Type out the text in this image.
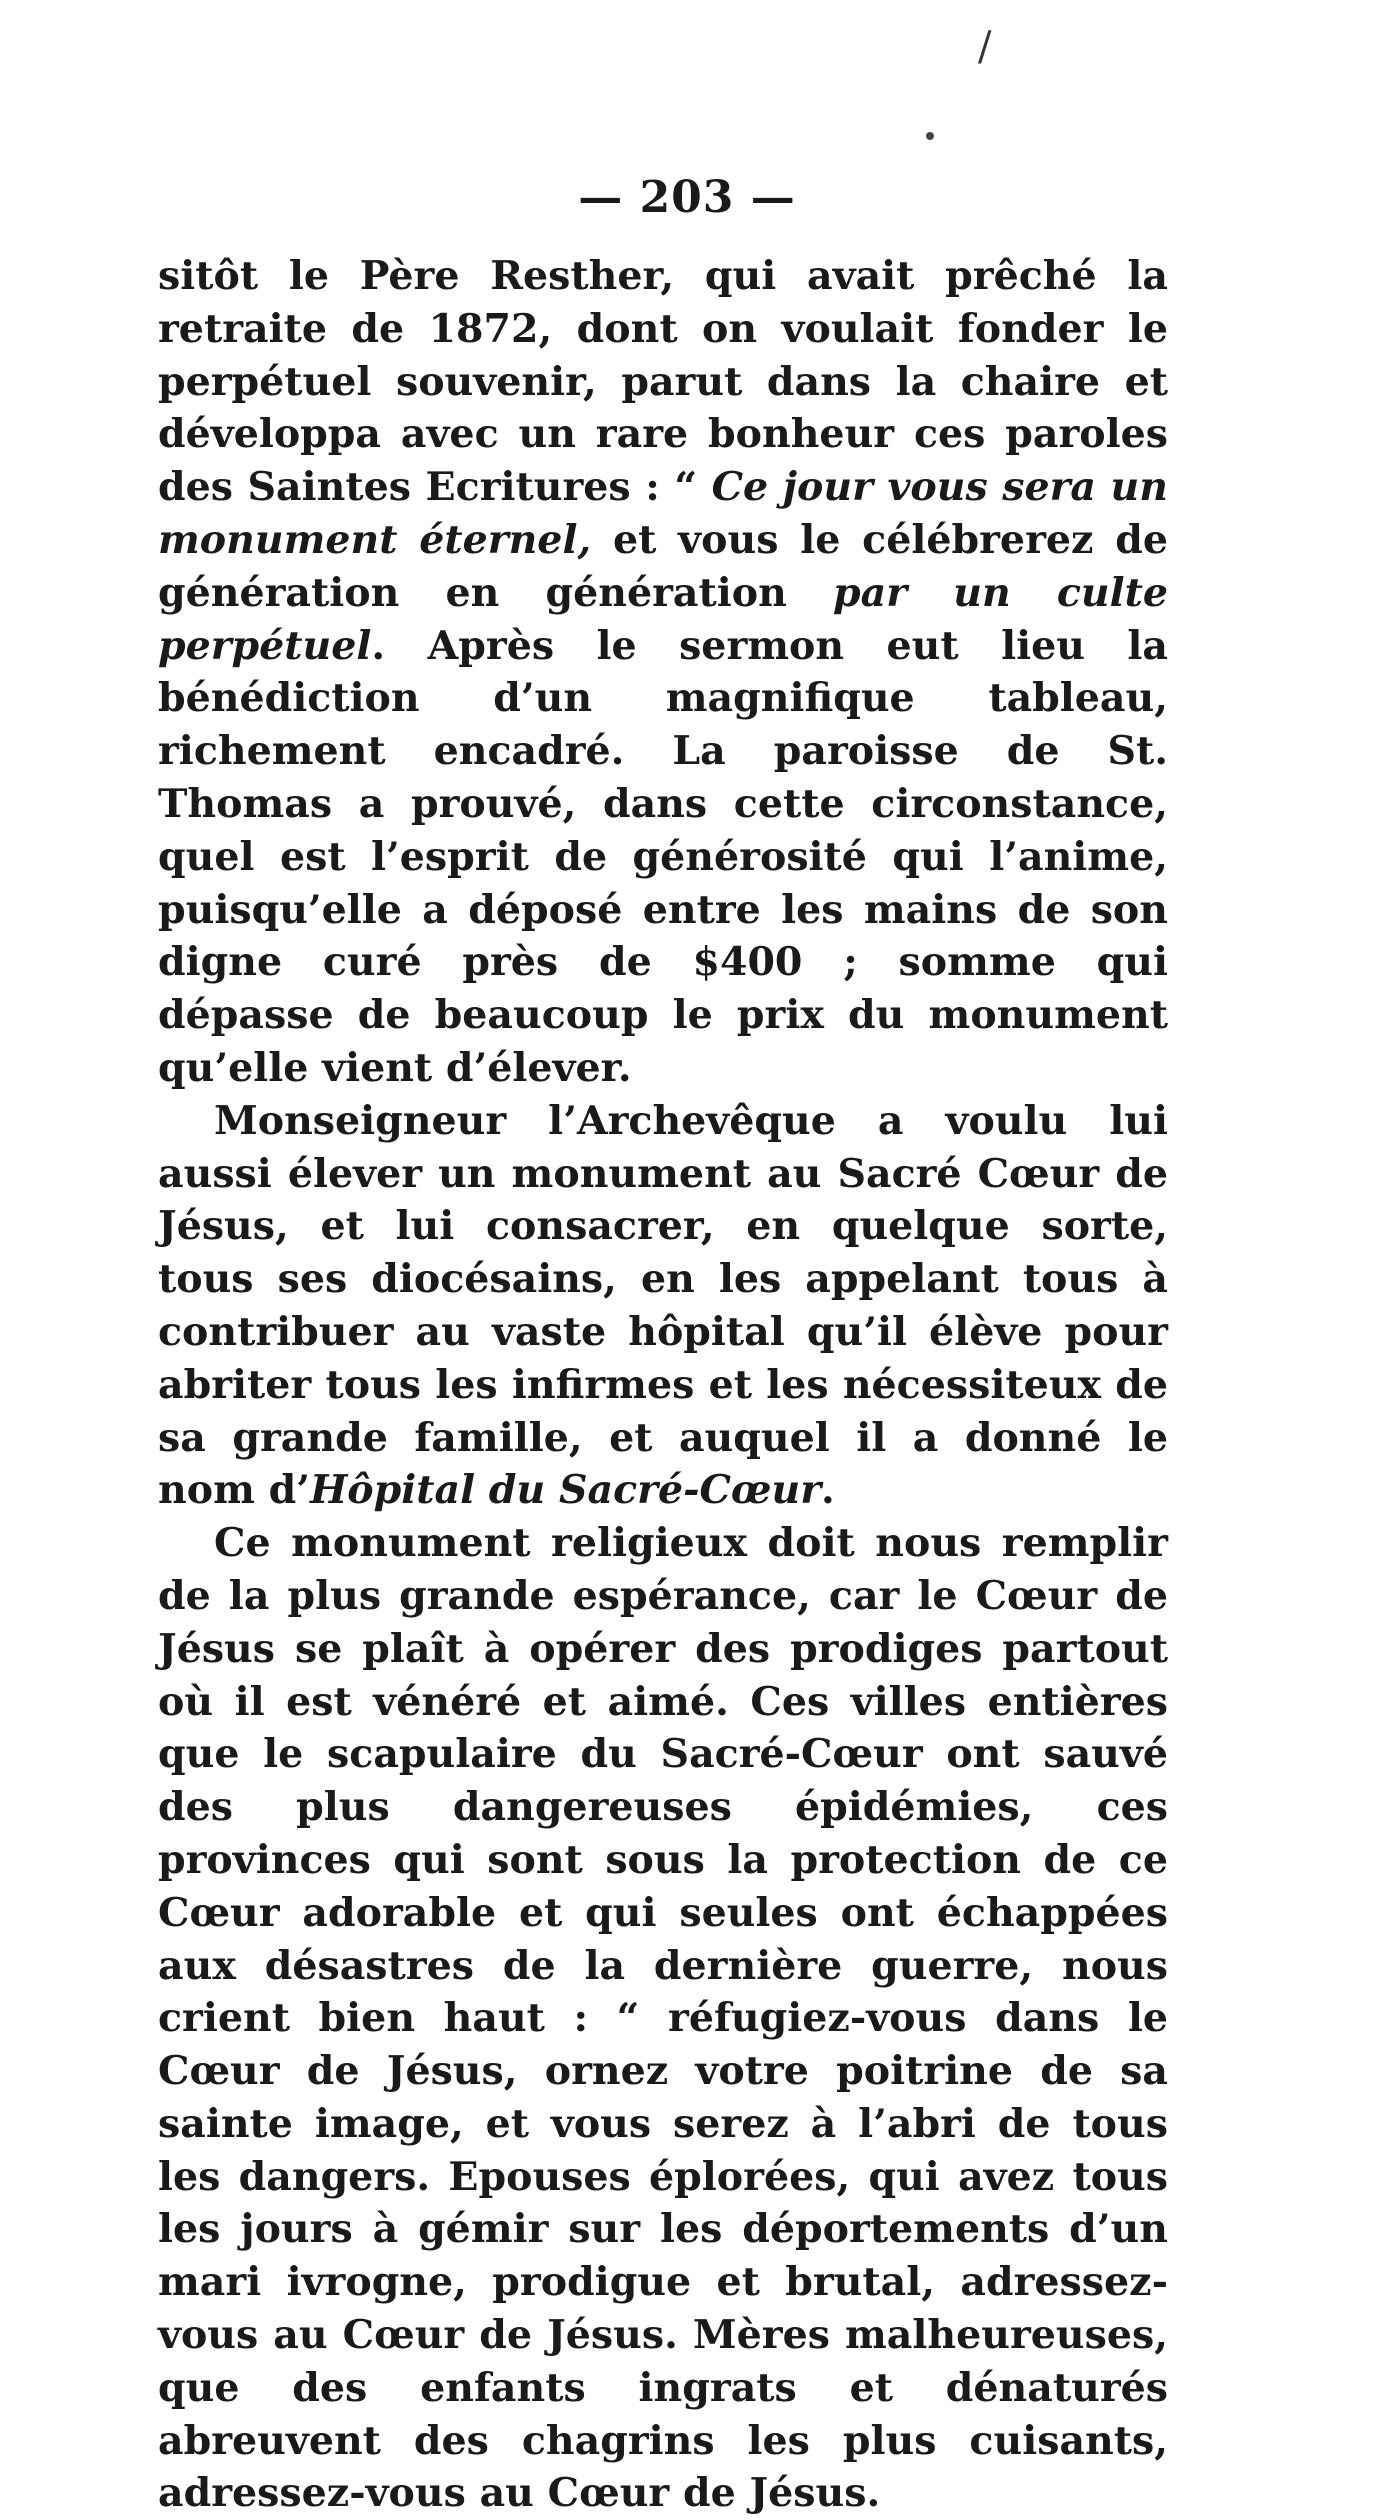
/
— 203 —

sitôt le Père Resther, qui avait prêché la retraite de 1872, dont on voulait fonder le perpétuel souvenir, parut dans la chaire et développa avec un rare bonheur ces paroles des Saintes Ecritures : “ Ce jour vous sera un monument éternel, et vous le célébrerez de génération en génération par un culte perpétuel. Après le sermon eut lieu la bénédiction d’un magnifique tableau, richement encadré. La paroisse de St. Thomas a prouvé, dans cette circonstance, quel est l’esprit de générosité qui l’anime, puisqu’elle a déposé entre les mains de son digne curé près de $400 ; somme qui dépasse de beaucoup le prix du monument qu’elle vient d’élever.

Monseigneur l’Archevêque a voulu lui aussi élever un monument au Sacré Cœur de Jésus, et lui consacrer, en quelque sorte, tous ses diocésains, en les appelant tous à contribuer au vaste hôpital qu’il élève pour abriter tous les infirmes et les nécessiteux de sa grande famille, et auquel il a donné le nom d’Hôpital du Sacré-Cœur.

Ce monument religieux doit nous remplir de la plus grande espérance, car le Cœur de Jésus se plaît à opérer des prodiges partout où il est vénéré et aimé. Ces villes entières que le scapulaire du Sacré-Cœur ont sauvé des plus dangereuses épidémies, ces provinces qui sont sous la protection de ce Cœur adorable et qui seules ont échappées aux désastres de la dernière guerre, nous crient bien haut : “ réfugiez-vous dans le Cœur de Jésus, ornez votre poitrine de sa sainte image, et vous serez à l’abri de tous les dangers. Epouses éplorées, qui avez tous les jours à gémir sur les déportements d’un mari ivrogne, prodigue et brutal, adressez-vous au Cœur de Jésus. Mères malheureuses, que des enfants ingrats et dénaturés abreuvent des chagrins les plus cuisants, adressez-vous au Cœur de Jésus.
